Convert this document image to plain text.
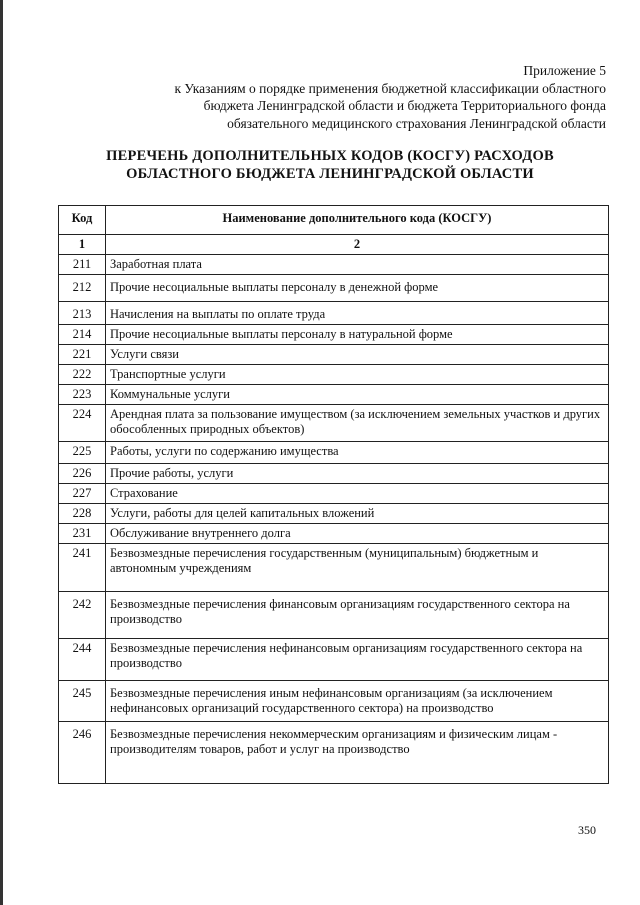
Приложение 5
к Указаниям о порядке применения бюджетной классификации областного
бюджета Ленинградской области и бюджета Территориального фонда
обязательного медицинского страхования Ленинградской области
ПЕРЕЧЕНЬ ДОПОЛНИТЕЛЬНЫХ КОДОВ (КОСГУ) РАСХОДОВ
ОБЛАСТНОГО БЮДЖЕТА ЛЕНИНГРАДСКОЙ ОБЛАСТИ
Код	Наименование дополнительного кода (КОСГУ)
1	2
211	Заработная плата
212	Прочие несоциальные выплаты персоналу в денежной форме
213	Начисления на выплаты по оплате труда
214	Прочие несоциальные выплаты персоналу в натуральной форме
221	Услуги связи
222	Транспортные услуги
223	Коммунальные услуги
224	Арендная плата за пользование имуществом (за исключением земельных участков и других обособленных природных объектов)
225	Работы, услуги по содержанию имущества
226	Прочие работы, услуги
227	Страхование
228	Услуги, работы для целей капитальных вложений
231	Обслуживание внутреннего долга
241	Безвозмездные перечисления государственным (муниципальным) бюджетным и автономным учреждениям
242	Безвозмездные перечисления финансовым организациям государственного сектора на производство
244	Безвозмездные перечисления нефинансовым организациям государственного сектора на производство
245	Безвозмездные перечисления иным нефинансовым организациям (за исключением нефинансовых организаций государственного сектора) на производство
246	Безвозмездные перечисления некоммерческим организациям и физическим лицам - производителям товаров, работ и услуг на производство
350
